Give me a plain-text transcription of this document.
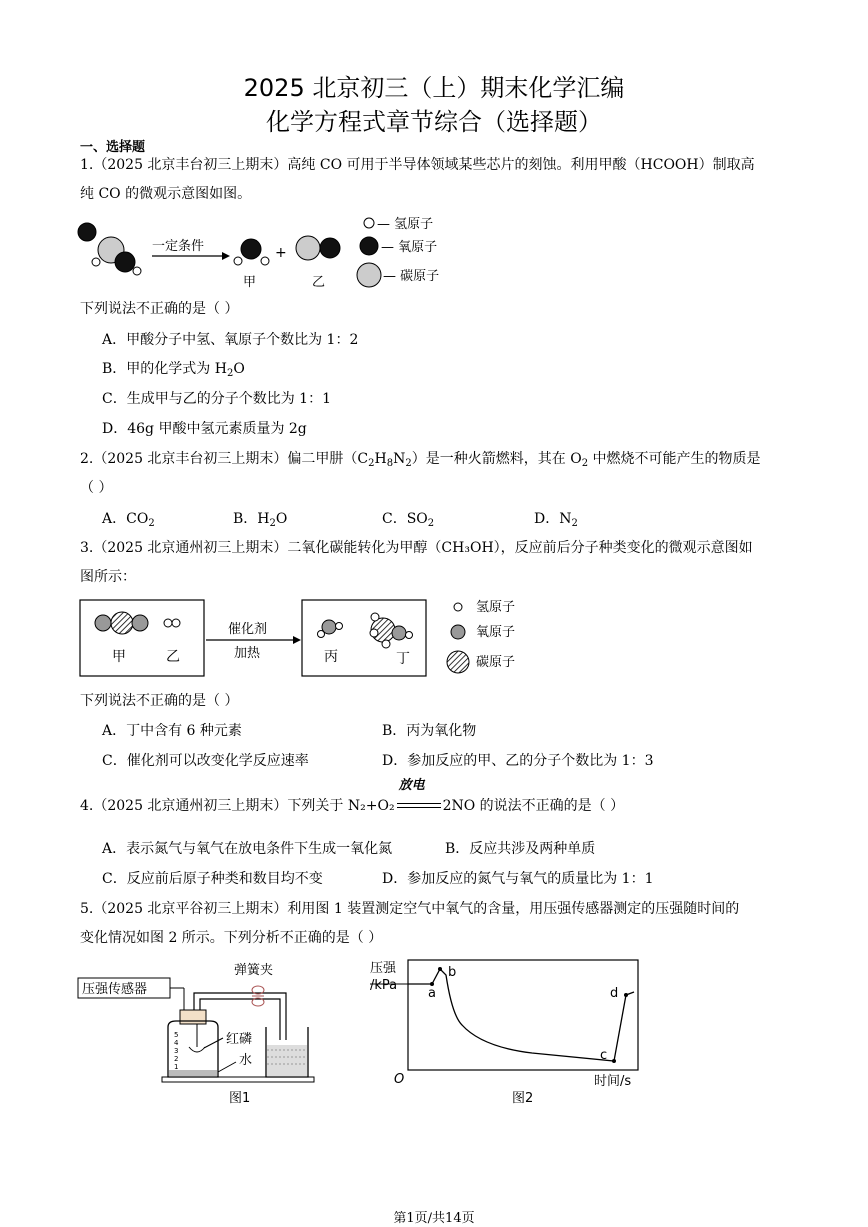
2025 北京初三（上）期末化学汇编
化学方程式章节综合（选择题）
一、选择题
1.（2025 北京丰台初三上期末）高纯 CO 可用于半导体领域某些芯片的刻蚀。利用甲酸（HCOOH）制取高
纯 CO 的微观示意图如图。
一定条件
甲
+
乙
— 氢原子
— 氧原子
— 碳原子
下列说法不正确的是（ ）
A．甲酸分子中氢、氧原子个数比为 1：2
B．甲的化学式为 $H_2O$
C．生成甲与乙的分子个数比为 1：1
D．46g 甲酸中氢元素质量为 2g
2.（2025 北京丰台初三上期末）偏二甲肼$(C_2H_8N_2)$是一种火箭燃料，其在 $O_2$ 中燃烧不可能产生的物质是
（ ）
A．$CO_2$	B．$H_2O$	C．$SO_2$	D．$N_2$
3.（2025 北京通州初三上期末）二氧化碳能转化为甲醇（CH₃OH），反应前后分子种类变化的微观示意图如
图所示：
甲	乙
催化剂
加热	丙	丁
氢原子
氧原子
碳原子
下列说法不正确的是（ ）
A．丁中含有 6 种元素	B．丙为氧化物
C．催化剂可以改变化学反应速率	D．参加反应的甲、乙的分子个数比为 1：3
4.（2025 北京通州初三上期末）下列关于 N₂+O₂
放电
2NO 的说法不正确的是（ ）
A．表示氮气与氧气在放电条件下生成一氧化氮	B．反应共涉及两种单质
C．反应前后原子种类和数目均不变	D．参加反应的氮气与氧气的质量比为 1：1
5.（2025 北京平谷初三上期末）利用图 1 装置测定空气中氧气的含量，用压强传感器测定的压强随时间的
变化情况如图 2 所示。下列分析不正确的是（ ）
压强传感器
弹簧夹
5
4
3
2
1
红磷
水
图1
压强
/kPa
O	时间/s
a
b
c
d
图2
第1页/共14页
